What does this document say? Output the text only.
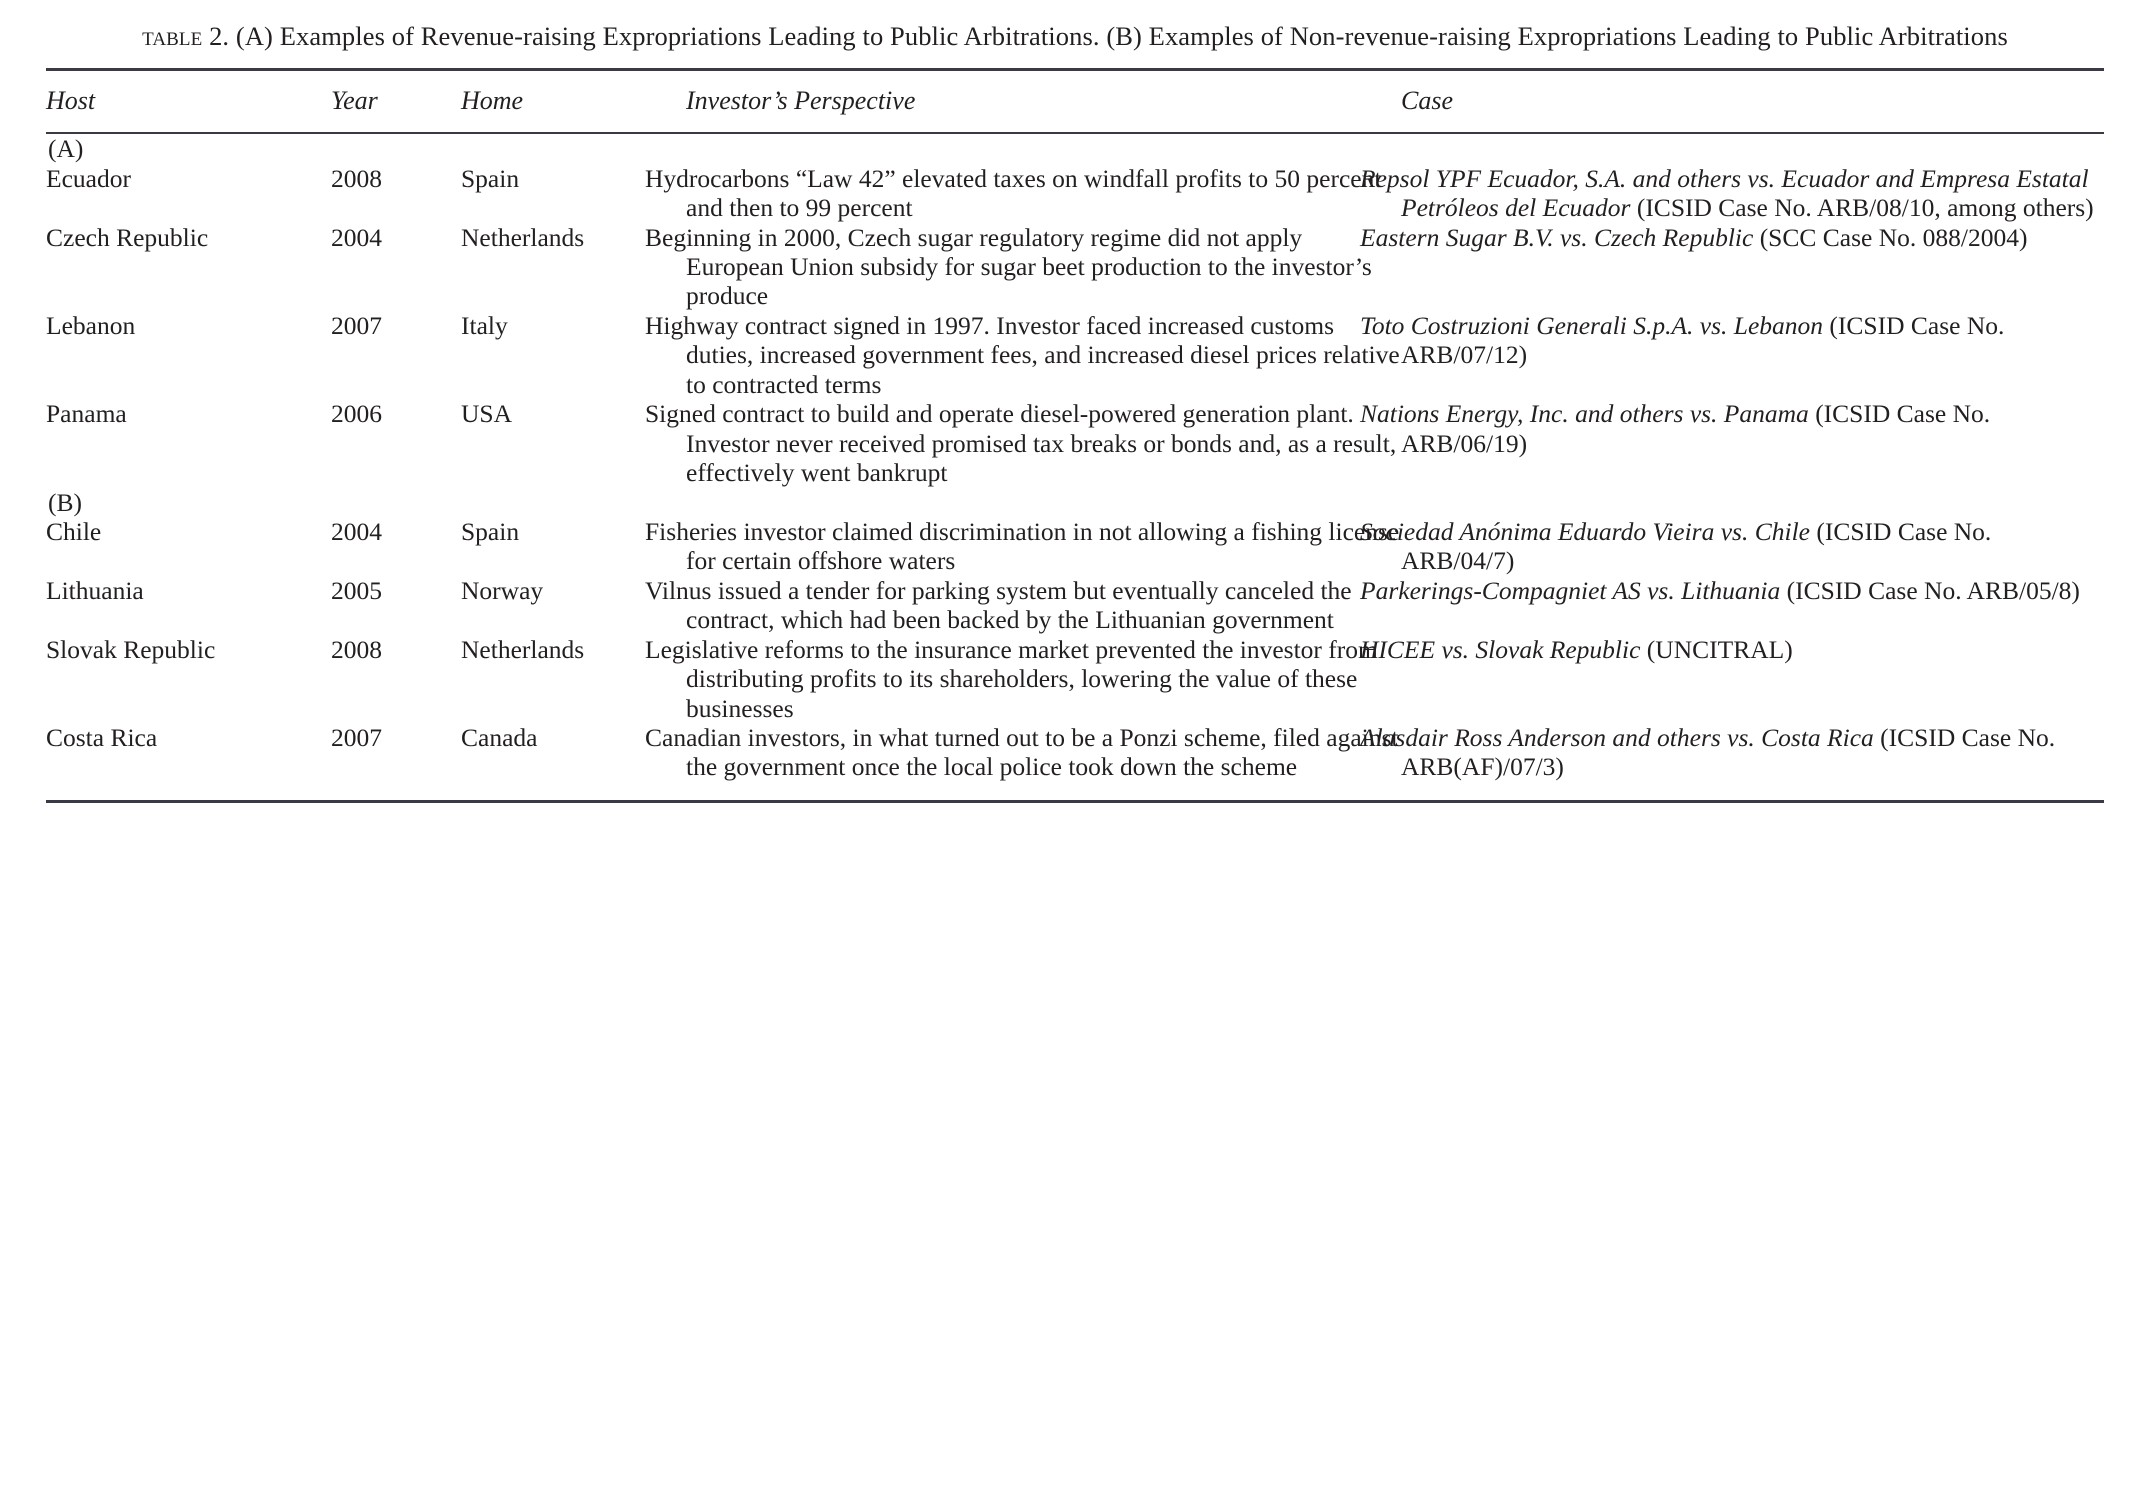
table 2. (A) Examples of Revenue-raising Expropriations Leading to Public Arbitrations. (B) Examples of Non-revenue-raising Expropriations Leading to Public Arbitrations
Host	Year	Home	Investor’s Perspective	Case
(A)				
Ecuador	2008	Spain	Hydrocarbons “Law 42” elevated taxes on windfall profits to 50 percent and then to 99 percent	Repsol YPF Ecuador, S.A. and others vs. Ecuador and Empresa Estatal Petróleos del Ecuador (ICSID Case No. ARB/08/10, among others)
Czech Republic	2004	Netherlands	Beginning in 2000, Czech sugar regulatory regime did not apply European Union subsidy for sugar beet production to the investor’s produce	Eastern Sugar B.V. vs. Czech Republic (SCC Case No. 088/2004)
Lebanon	2007	Italy	Highway contract signed in 1997. Investor faced increased customs duties, increased government fees, and increased diesel prices relative to contracted terms	Toto Costruzioni Generali S.p.A. vs. Lebanon (ICSID Case No. ARB/07/12)
Panama	2006	USA	Signed contract to build and operate diesel-powered generation plant. Investor never received promised tax breaks or bonds and, as a result, effectively went bankrupt	Nations Energy, Inc. and others vs. Panama (ICSID Case No. ARB/06/19)
(B)				
Chile	2004	Spain	Fisheries investor claimed discrimination in not allowing a fishing license for certain offshore waters	Sociedad Anónima Eduardo Vieira vs. Chile (ICSID Case No. ARB/04/7)
Lithuania	2005	Norway	Vilnus issued a tender for parking system but eventually canceled the contract, which had been backed by the Lithuanian government	Parkerings-Compagniet AS vs. Lithuania (ICSID Case No. ARB/05/8)
Slovak Republic	2008	Netherlands	Legislative reforms to the insurance market prevented the investor from distributing profits to its shareholders, lowering the value of these businesses	HICEE vs. Slovak Republic (UNCITRAL)
Costa Rica	2007	Canada	Canadian investors, in what turned out to be a Ponzi scheme, filed against the government once the local police took down the scheme	Alasdair Ross Anderson and others vs. Costa Rica (ICSID Case No. ARB(AF)/07/3)
